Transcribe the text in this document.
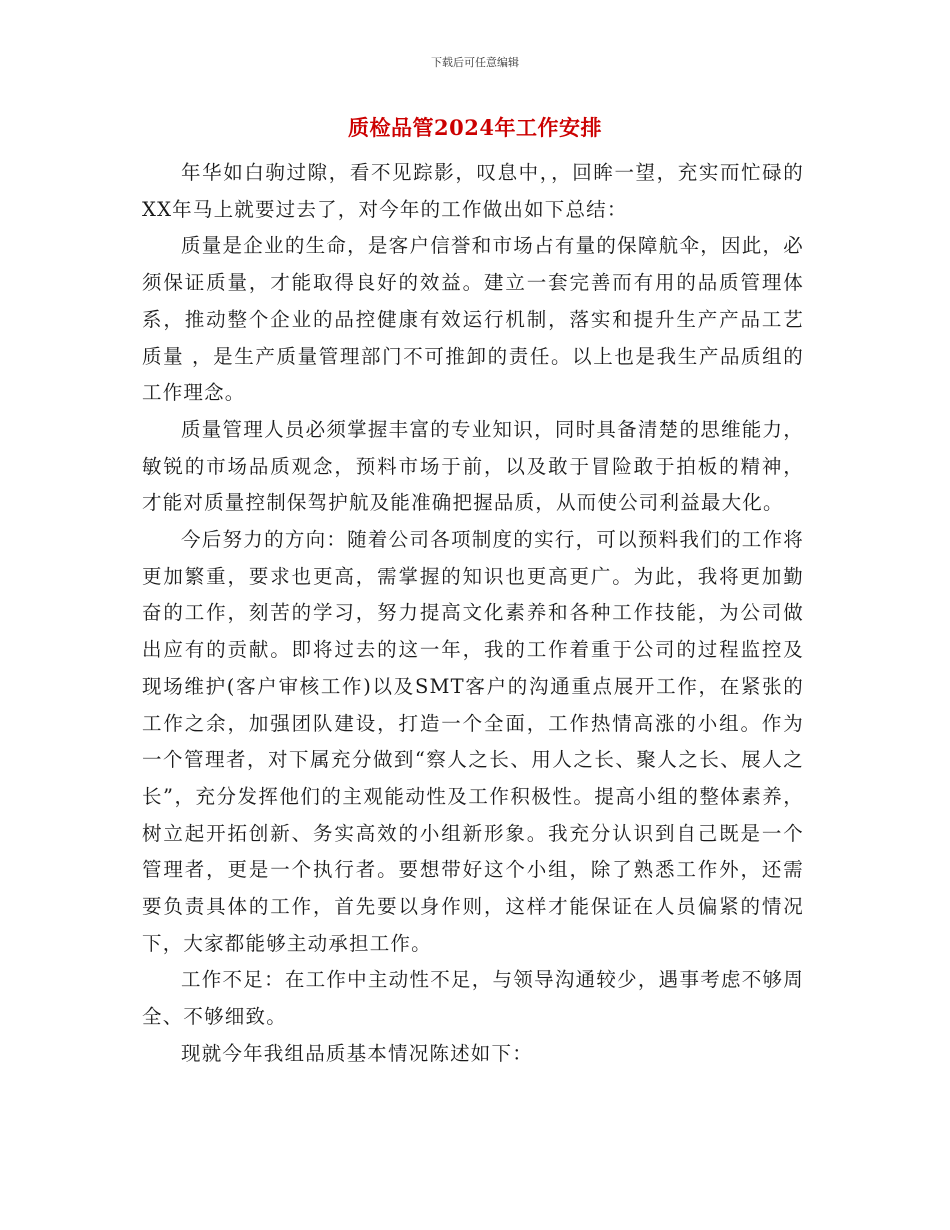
下载后可任意编辑
质检品管2024年工作安排

年华如白驹过隙，看不见踪影，叹息中，，回眸一望，充实而忙碌的XX年马上就要过去了，对今年的工作做出如下总结：

质量是企业的生命，是客户信誉和市场占有量的保障航伞，因此，必须保证质量，才能取得良好的效益。建立一套完善而有用的品质管理体系，推动整个企业的品控健康有效运行机制，落实和提升生产产品工艺质量 ，是生产质量管理部门不可推卸的责任。以上也是我生产品质组的工作理念。

质量管理人员必须掌握丰富的专业知识，同时具备清楚的思维能力，敏锐的市场品质观念，预料市场于前，以及敢于冒险敢于拍板的精神，才能对质量控制保驾护航及能准确把握品质，从而使公司利益最大化。

今后努力的方向：随着公司各项制度的实行，可以预料我们的工作将更加繁重，要求也更高，需掌握的知识也更高更广。为此，我将更加勤奋的工作，刻苦的学习，努力提高文化素养和各种工作技能，为公司做出应有的贡献。即将过去的这一年，我的工作着重于公司的过程监控及现场维护(客户审核工作)以及SMT客户的沟通重点展开工作，在紧张的工作之余，加强团队建设，打造一个全面，工作热情高涨的小组。作为一个管理者，对下属充分做到“察人之长、用人之长、聚人之长、展人之长”，充分发挥他们的主观能动性及工作积极性。提高小组的整体素养，树立起开拓创新、务实高效的小组新形象。我充分认识到自己既是一个管理者，更是一个执行者。要想带好这个小组，除了熟悉工作外，还需要负责具体的工作，首先要以身作则，这样才能保证在人员偏紧的情况下，大家都能够主动承担工作。

工作不足：在工作中主动性不足，与领导沟通较少，遇事考虑不够周全、不够细致。

现就今年我组品质基本情况陈述如下：
